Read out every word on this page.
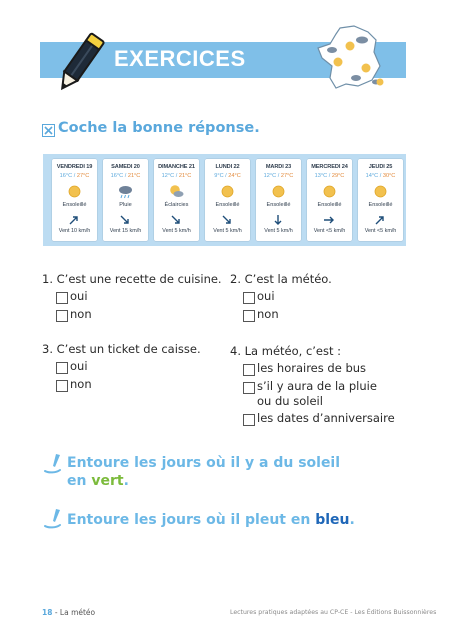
EXERCICES
Coche la bonne réponse.
VENDREDI 19
16°C / 27°C
Ensoleillé
Vent 10 km/h
SAMEDI 20
16°C / 21°C
Pluie
Vent 15 km/h
DIMANCHE 21
12°C / 21°C
Éclaircies
Vent 5 km/h
LUNDI 22
9°C / 24°C
Ensoleillé
Vent 5 km/h
MARDI 23
12°C / 27°C
Ensoleillé
Vent 5 km/h
MERCREDI 24
13°C / 29°C
Ensoleillé
Vent <5 km/h
JEUDI 25
14°C / 30°C
Ensoleillé
Vent <5 km/h
1. C’est une recette de cuisine.
oui
non
2. C’est la météo.
oui
non
3. C’est un ticket de caisse.
oui
non
4. La météo, c’est :
les horaires de bus
s’il y aura de la pluie
ou du soleil
les dates d’anniversaire
Entoure les jours où il y a du soleil
en vert.
Entoure les jours où il pleut en bleu.
18 - La météo	Lectures pratiques adaptées au CP-CE - Les Éditions Buissonnières
